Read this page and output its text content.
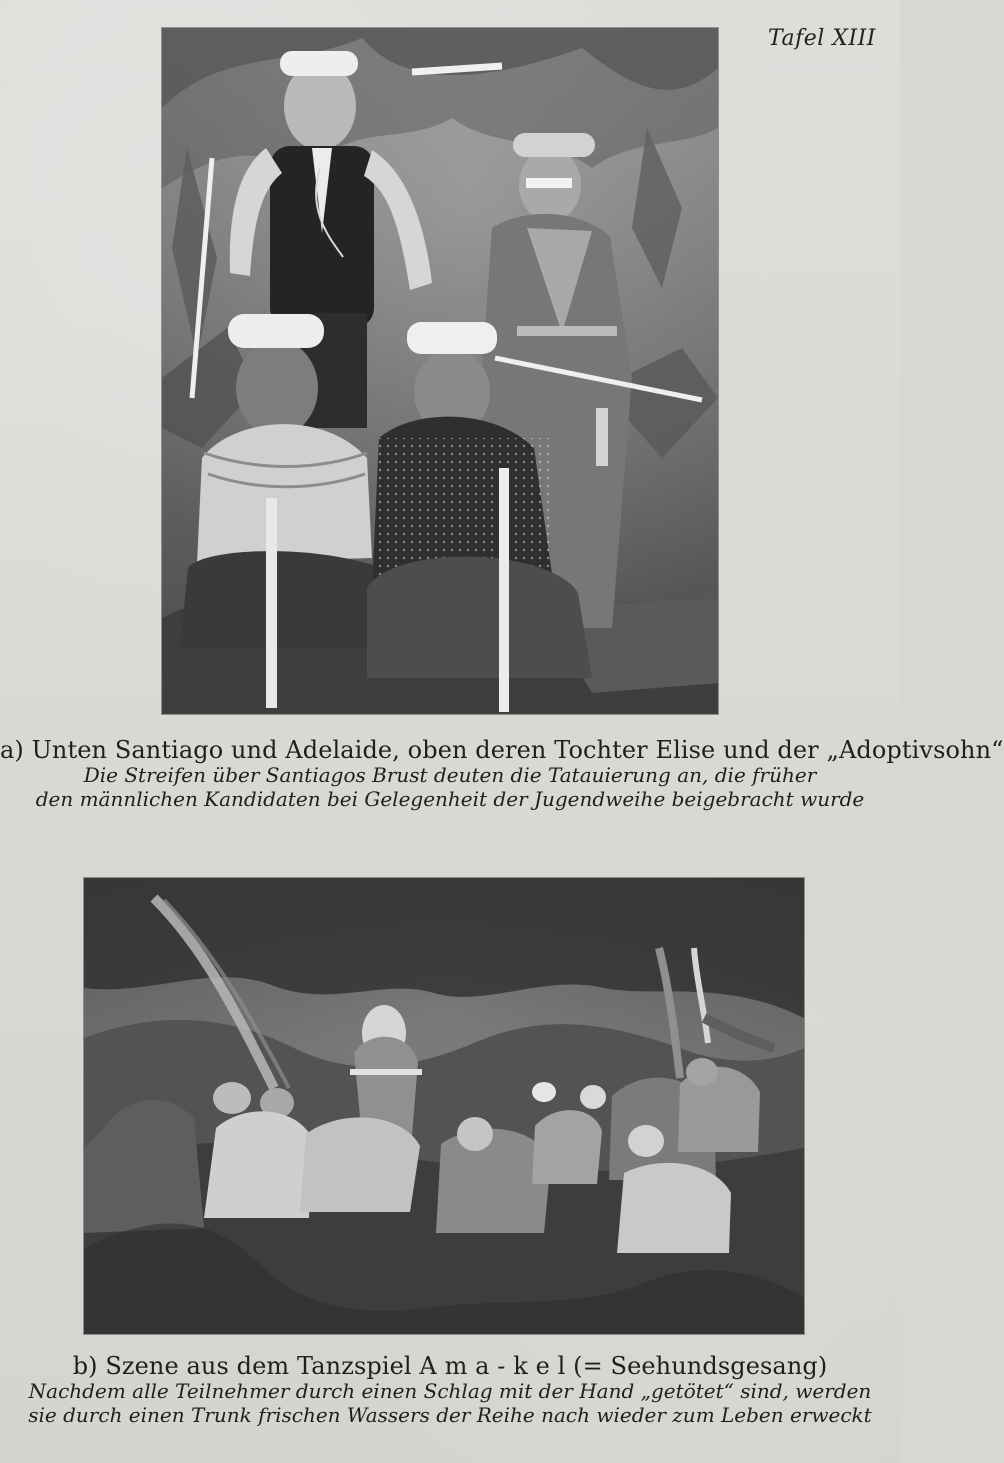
Tafel XIII
a) Unten Santiago und Adelaide, oben deren Tochter Elise und der „Adoptivsohn“
Die Streifen über Santiagos Brust deuten die Tatauierung an, die früher
den männlichen Kandidaten bei Gelegenheit der Jugendweihe beigebracht wurde
b) Szene aus dem Tanzspiel A m a - k e l (= Seehundsgesang)
Nachdem alle Teilnehmer durch einen Schlag mit der Hand „getötet“ sind, werden
sie durch einen Trunk frischen Wassers der Reihe nach wieder zum Leben erweckt
